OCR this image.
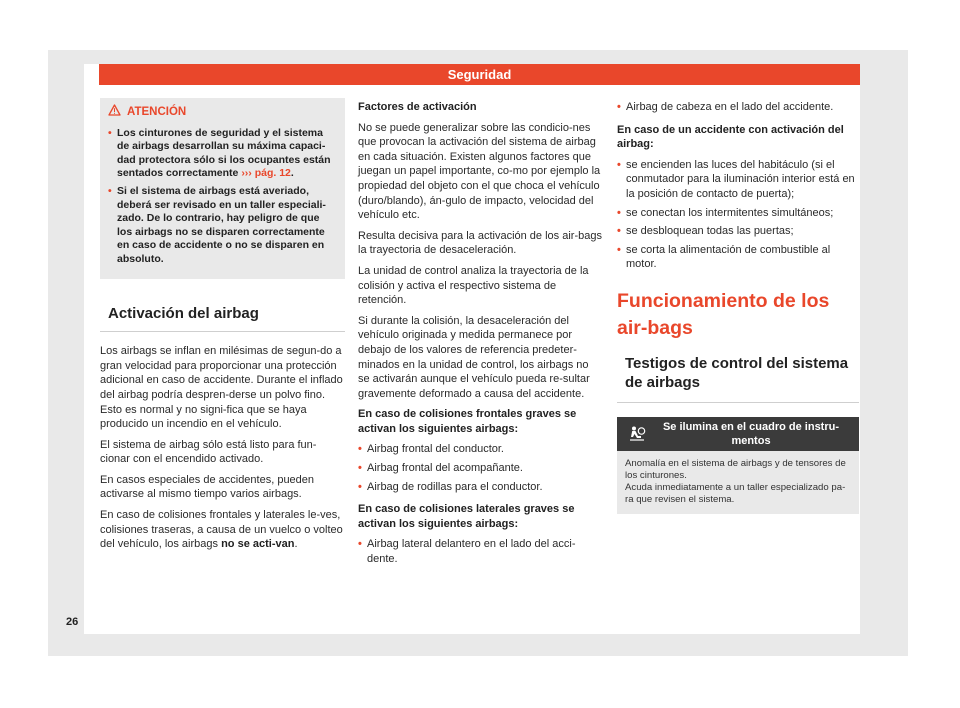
Seguridad
ATENCIÓN
• Los cinturones de seguridad y el sistema de airbags desarrollan su máxima capaci-dad protectora sólo si los ocupantes están sentados correctamente ››› pág. 12.
• Si el sistema de airbags está averiado, deberá ser revisado en un taller especiali-zado. De lo contrario, hay peligro de que los airbags no se disparen correctamente en caso de accidente o no se disparen en absoluto.
Activación del airbag

Los airbags se inflan en milésimas de segun-do a gran velocidad para proporcionar una protección adicional en caso de accidente. Durante el inflado del airbag podría despren-derse un polvo fino. Esto es normal y no signi-fica que se haya producido un incendio en el vehículo.

El sistema de airbag sólo está listo para fun-cionar con el encendido activado.

En casos especiales de accidentes, pueden activarse al mismo tiempo varios airbags.

En caso de colisiones frontales y laterales le-ves, colisiones traseras, a causa de un vuelco o volteo del vehículo, los airbags no se acti-van.

Factores de activación

No se puede generalizar sobre las condicio-nes que provocan la activación del sistema de airbag en cada situación. Existen algunos factores que juegan un papel importante, co-mo por ejemplo la propiedad del objeto con el que choca el vehículo (duro/blando), án-gulo de impacto, velocidad del vehículo etc.

Resulta decisiva para la activación de los air-bags la trayectoria de desaceleración.

La unidad de control analiza la trayectoria de la colisión y activa el respectivo sistema de retención.

Si durante la colisión, la desaceleración del vehículo originada y medida permanece por debajo de los valores de referencia predeter-minados en la unidad de control, los airbags no se activarán aunque el vehículo pueda re-sultar gravemente deformado a causa del accidente.

En caso de colisiones frontales graves se activan los siguientes airbags:

• Airbag frontal del conductor.
• Airbag frontal del acompañante.
• Airbag de rodillas para el conductor.

En caso de colisiones laterales graves se activan los siguientes airbags:

• Airbag lateral delantero en el lado del acci-dente.
• Airbag de cabeza en el lado del accidente.

En caso de un accidente con activación del airbag:

• se encienden las luces del habitáculo (si el conmutador para la iluminación interior está en la posición de contacto de puerta);
• se conectan los intermitentes simultáneos;
• se desbloquean todas las puertas;
• se corta la alimentación de combustible al motor.
Funcionamiento de los air-bags
Testigos de control del sistema de airbags
Se ilumina en el cuadro de instru-mentos
Anomalía en el sistema de airbags y de tensores de los cinturones.
Acuda inmediatamente a un taller especializado pa-ra que revisen el sistema.
26
